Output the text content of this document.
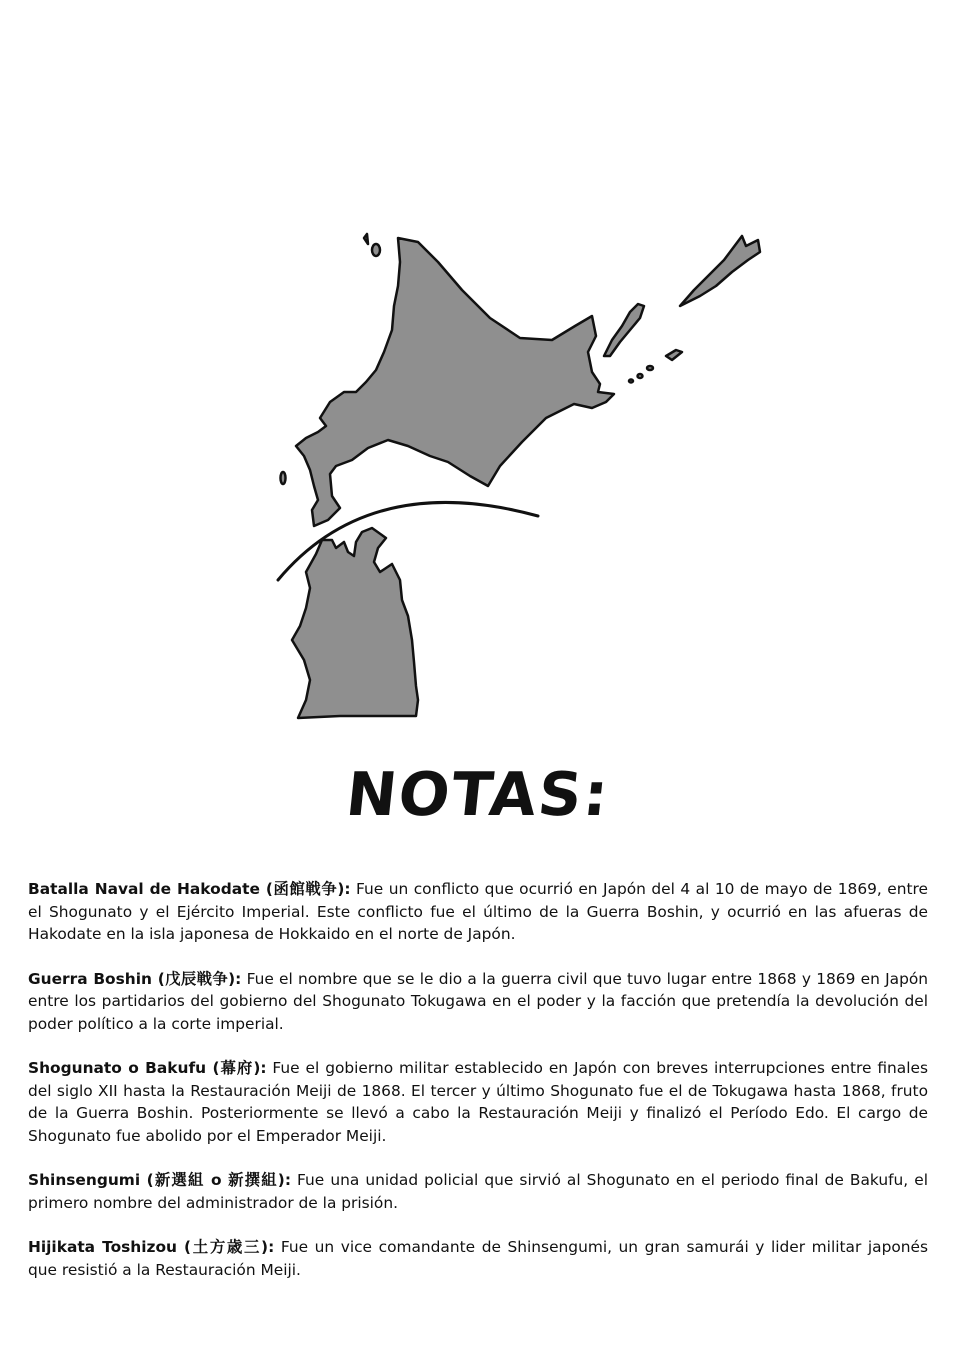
NOTAS:

Batalla Naval de Hakodate (函館戦争): Fue un conflicto que ocurrió en Japón del 4 al 10 de mayo de 1869, entre el Shogunato y el Ejército Imperial. Este conflicto fue el último de la Guerra Boshin, y ocurrió en las afueras de Hakodate en la isla japonesa de Hokkaido en el norte de Japón.

Guerra Boshin (戊辰戦争): Fue el nombre que se le dio a la guerra civil que tuvo lugar entre 1868 y 1869 en Japón entre los partidarios del gobierno del Shogunato Tokugawa en el poder y la facción que pretendía la devolución del poder político a la corte imperial.

Shogunato o Bakufu (幕府): Fue el gobierno militar establecido en Japón con breves interrupciones entre finales del siglo XII hasta la Restauración Meiji de 1868. El tercer y último Shogunato fue el de Tokugawa hasta 1868, fruto de la Guerra Boshin. Posteriormente se llevó a cabo la Restauración Meiji y finalizó el Período Edo. El cargo de Shogunato fue abolido por el Emperador Meiji.

Shinsengumi (新選組 o 新撰組): Fue una unidad policial que sirvió al Shogunato en el periodo final de Bakufu, el primero nombre del administrador de la prisión.

Hijikata Toshizou (土方歳三): Fue un vice comandante de Shinsengumi, un gran samurái y lider militar japonés que resistió a la Restauración Meiji.
